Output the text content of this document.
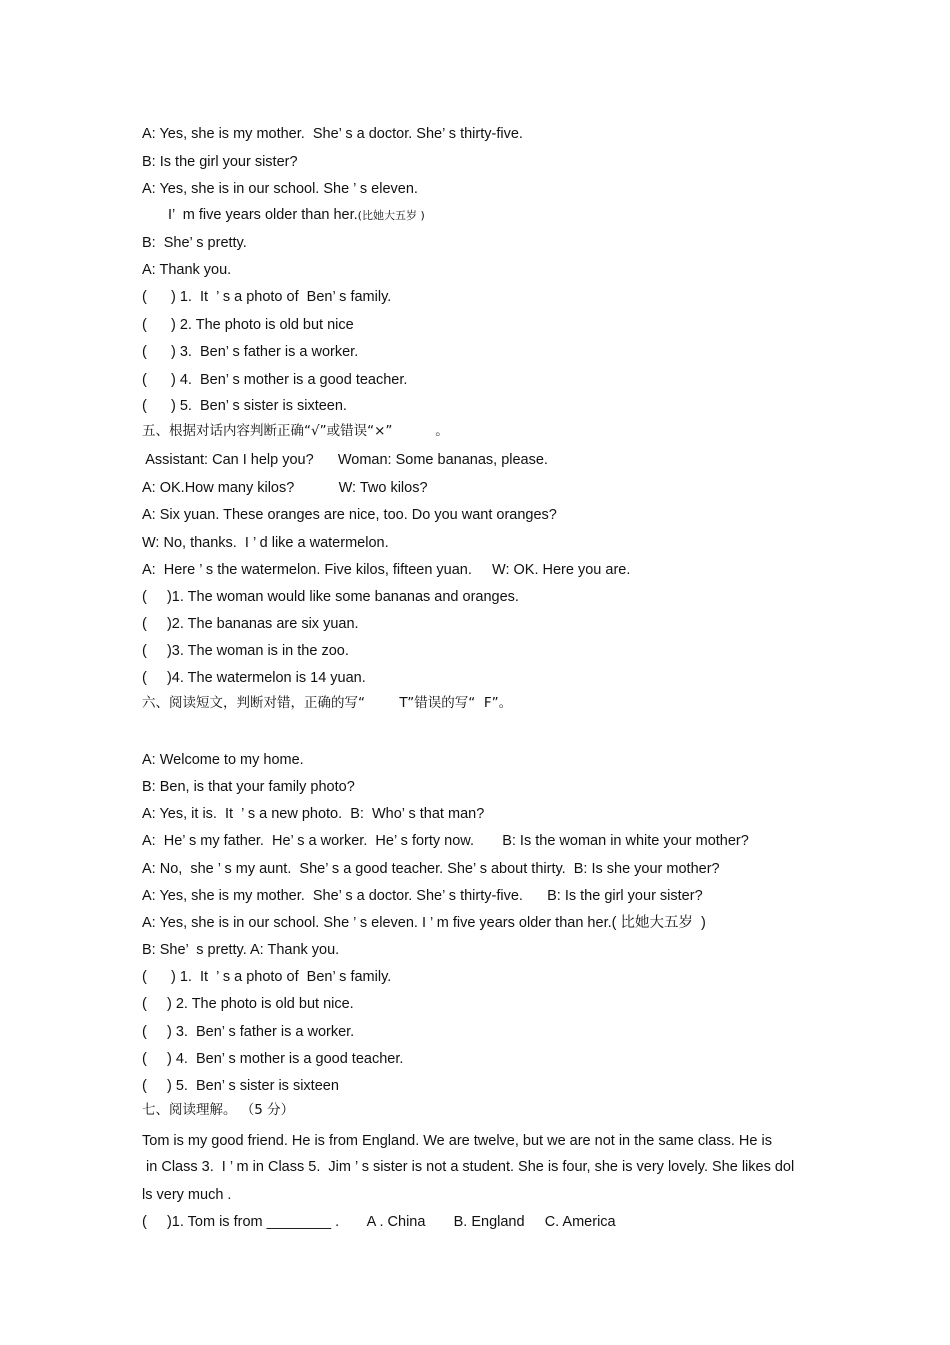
A: Yes, she is my mother.  She’ s a doctor. She’ s thirty-five.
B: Is the girl your sister?
A: Yes, she is in our school. She ’ s eleven.
I’  m five years older than her.(比她大五岁 )
B:  She’ s pretty.
A: Thank you.
(      ) 1.  It  ’ s a photo of  Ben’ s family.
(      ) 2. The photo is old but nice
(      ) 3.  Ben’ s father is a worker.
(      ) 4.  Ben’ s mother is a good teacher.
(      ) 5.  Ben’ s sister is sixteen.
五、根据对话内容判断正确“√”或错误“×”          。
Assistant: Can I help you?      Woman: Some bananas, please.
A: OK.How many kilos?           W: Two kilos?
A: Six yuan. These oranges are nice, too. Do you want oranges?
W: No, thanks.  I ’ d like a watermelon.
A:  Here ’ s the watermelon. Five kilos, fifteen yuan.     W: OK. Here you are.
(     )1. The woman would like some bananas and oranges.
(     )2. The bananas are six yuan.
(     )3. The woman is in the zoo.
(     )4. The watermelon is 14 yuan.
六、阅读短文，判断对错，正确的写“        T”错误的写“  F”。
A: Welcome to my home.
B: Ben, is that your family photo?
A: Yes, it is.  It  ’ s a new photo.  B:  Who’ s that man?
A:  He’ s my father.  He’ s a worker.  He’ s forty now.       B: Is the woman in white your mother?
A: No,  she ’ s my aunt.  She’ s a good teacher. She’ s about thirty.  B: Is she your mother?
A: Yes, she is my mother.  She’ s a doctor. She’ s thirty-five.      B: Is the girl your sister?
A: Yes, she is in our school. She ’ s eleven. I ’ m five years older than her.( 比她大五岁  )
B: She’  s pretty. A: Thank you.
(      ) 1.  It  ’ s a photo of  Ben’ s family.
(     ) 2. The photo is old but nice.
(     ) 3.  Ben’ s father is a worker.
(     ) 4.  Ben’ s mother is a good teacher.
(     ) 5.  Ben’ s sister is sixteen
七、阅读理解。 （5 分）
Tom is my good friend. He is from England. We are twelve, but we are not in the same class. He is
in Class 3.  I ’ m in Class 5.  Jim ’ s sister is not a student. She is four, she is very lovely. She likes dol
ls very much .
(     )1. Tom is from ________ .       A . China       B. England     C. America
